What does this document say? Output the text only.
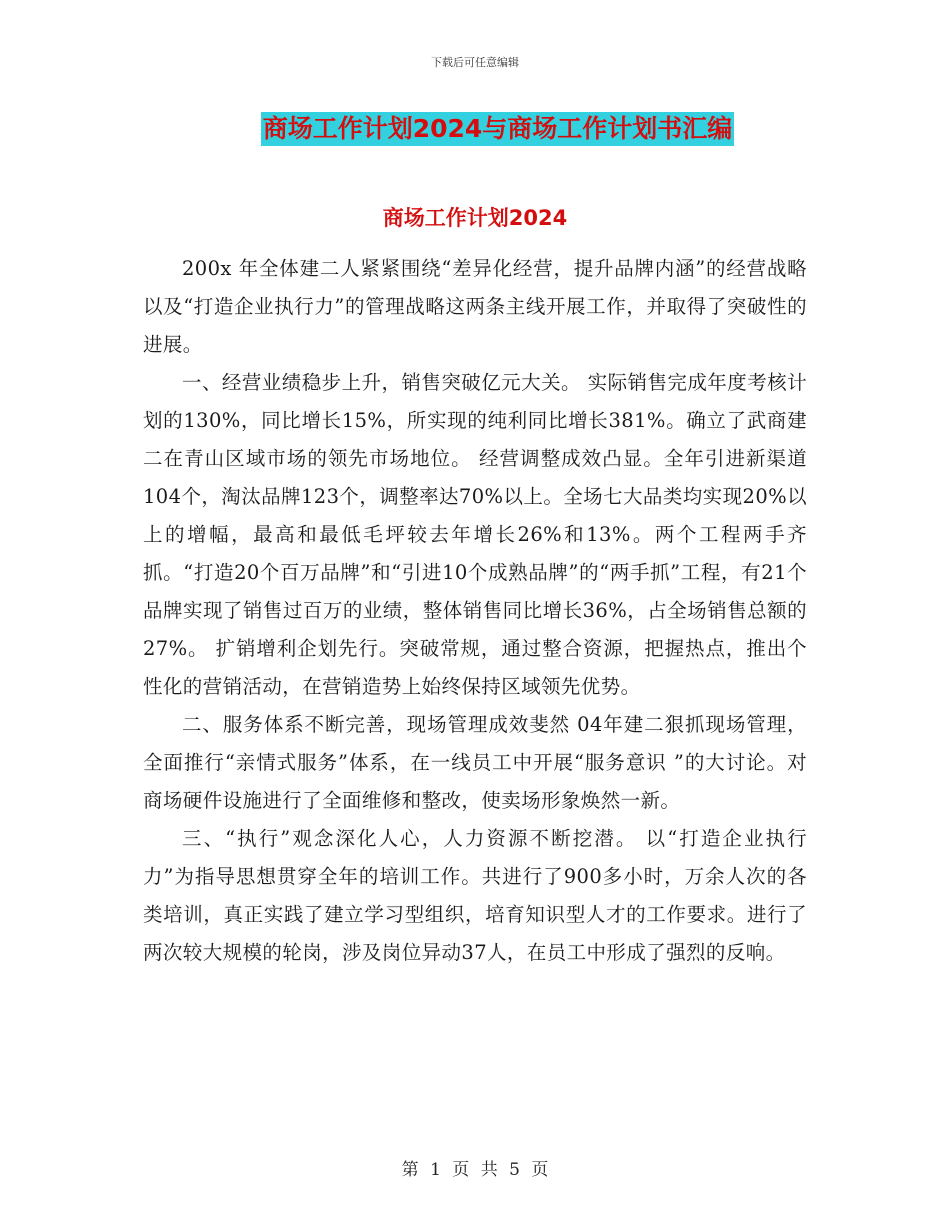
下载后可任意编辑
商场工作计划2024与商场工作计划书汇编
商场工作计划2024

200x 年全体建二人紧紧围绕“差异化经营，提升品牌内涵”的经营战略以及“打造企业执行力”的管理战略这两条主线开展工作，并取得了突破性的进展。

一、经营业绩稳步上升，销售突破亿元大关。 实际销售完成年度考核计划的130%，同比增长15%，所实现的纯利同比增长381%。确立了武商建二在青山区域市场的领先市场地位。 经营调整成效凸显。全年引进新渠道104个，淘汰品牌123个，调整率达70%以上。全场七大品类均实现20%以上的增幅，最高和最低毛坪较去年增长26%和13%。两个工程两手齐抓。“打造20个百万品牌”和“引进10个成熟品牌”的“两手抓”工程，有21个品牌实现了销售过百万的业绩，整体销售同比增长36%，占全场销售总额的27%。 扩销增利企划先行。突破常规，通过整合资源，把握热点，推出个性化的营销活动，在营销造势上始终保持区域领先优势。

二、服务体系不断完善，现场管理成效斐然 04年建二狠抓现场管理，全面推行“亲情式服务”体系，在一线员工中开展“服务意识 ”的大讨论。对商场硬件设施进行了全面维修和整改，使卖场形象焕然一新。

三、“执行”观念深化人心，人力资源不断挖潜。 以“打造企业执行力”为指导思想贯穿全年的培训工作。共进行了900多小时，万余人次的各类培训，真正实践了建立学习型组织，培育知识型人才的工作要求。进行了两次较大规模的轮岗，涉及岗位异动37人，在员工中形成了强烈的反响。

第 1 页 共 5 页
